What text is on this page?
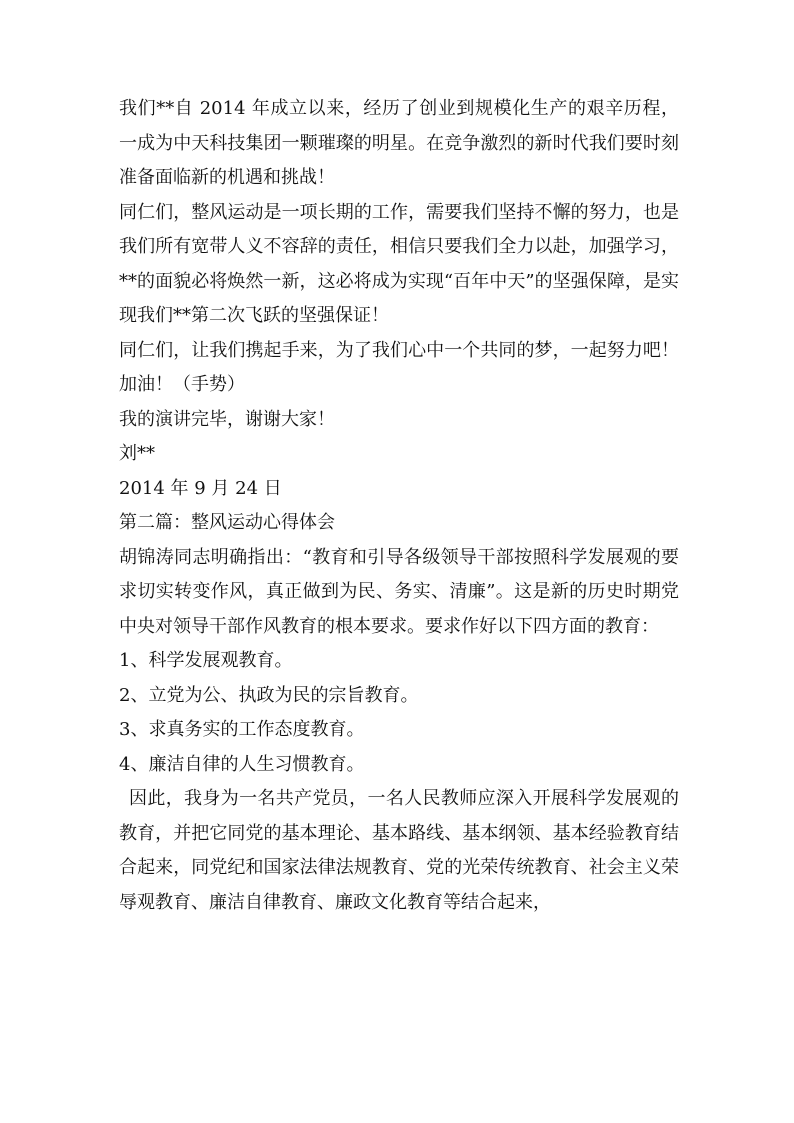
我们**自 2014 年成立以来，经历了创业到规模化生产的艰辛历程，一成为中天科技集团一颗璀璨的明星。在竞争激烈的新时代我们要时刻准备面临新的机遇和挑战！

同仁们，整风运动是一项长期的工作，需要我们坚持不懈的努力，也是我们所有宽带人义不容辞的责任，相信只要我们全力以赴，加强学习，**的面貌必将焕然一新，这必将成为实现“百年中天”的坚强保障，是实现我们**第二次飞跃的坚强保证！

同仁们，让我们携起手来，为了我们心中一个共同的梦，一起努力吧！加油！（手势）

我的演讲完毕，谢谢大家！

刘**

2014 年 9 月 24 日

第二篇：整风运动心得体会

胡锦涛同志明确指出：“教育和引导各级领导干部按照科学发展观的要求切实转变作风，真正做到为民、务实、清廉”。这是新的历史时期党中央对领导干部作风教育的根本要求。要求作好以下四方面的教育：

1、科学发展观教育。

2、立党为公、执政为民的宗旨教育。

3、求真务实的工作态度教育。

4、廉洁自律的人生习惯教育。

因此，我身为一名共产党员，一名人民教师应深入开展科学发展观的教育，并把它同党的基本理论、基本路线、基本纲领、基本经验教育结合起来，同党纪和国家法律法规教育、党的光荣传统教育、社会主义荣辱观教育、廉洁自律教育、廉政文化教育等结合起来，
